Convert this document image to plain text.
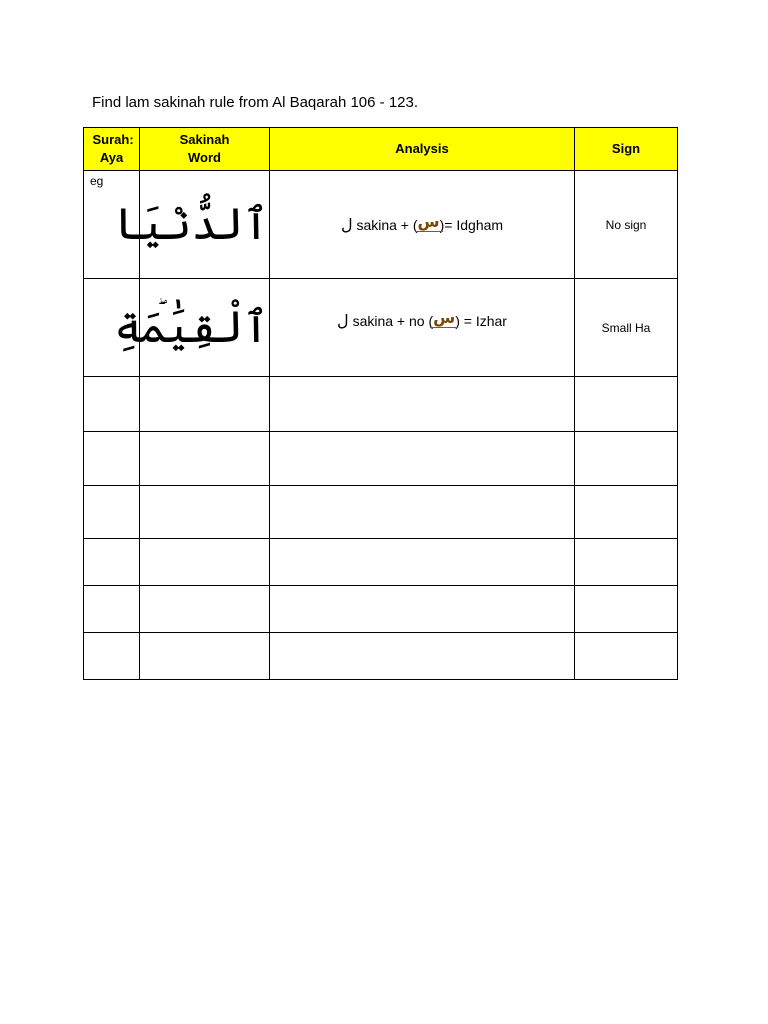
Find lam sakinah rule from Al Baqarah 106 - 123.
Surah: Aya	Sakinah Word	Analysis	Sign

eg	ٱلدُّنْيَا	ل sakina + (س)= Idgham	No sign

	ٱلْقِيَٰمَةِ	ل sakina + no (س) = Izhar	Small Ha
